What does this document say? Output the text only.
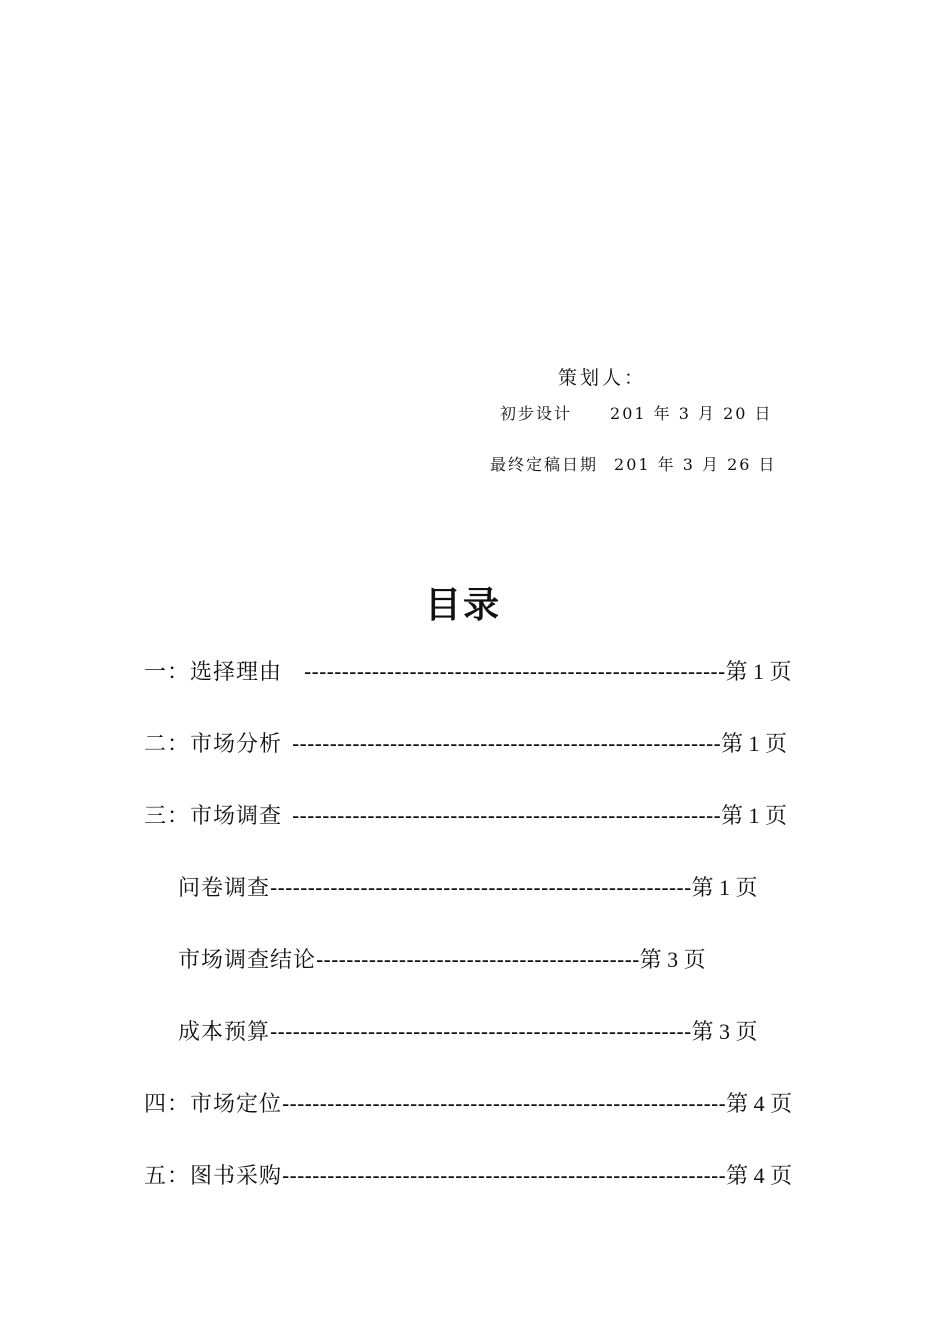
策划人：
初步设计 201 年 3 月 20 日
最终定稿日期 201 年 3 月 26 日
目录
一：选择理由 --------------------------------------------------------第 1 页
二：市场分析 ---------------------------------------------------------第 1 页
三：市场调查 ---------------------------------------------------------第 1 页
问卷调查--------------------------------------------------------第 1 页
市场调查结论-------------------------------------------第 3 页
成本预算--------------------------------------------------------第 3 页
四：市场定位-----------------------------------------------------------第 4 页
五：图书采购-----------------------------------------------------------第 4 页
